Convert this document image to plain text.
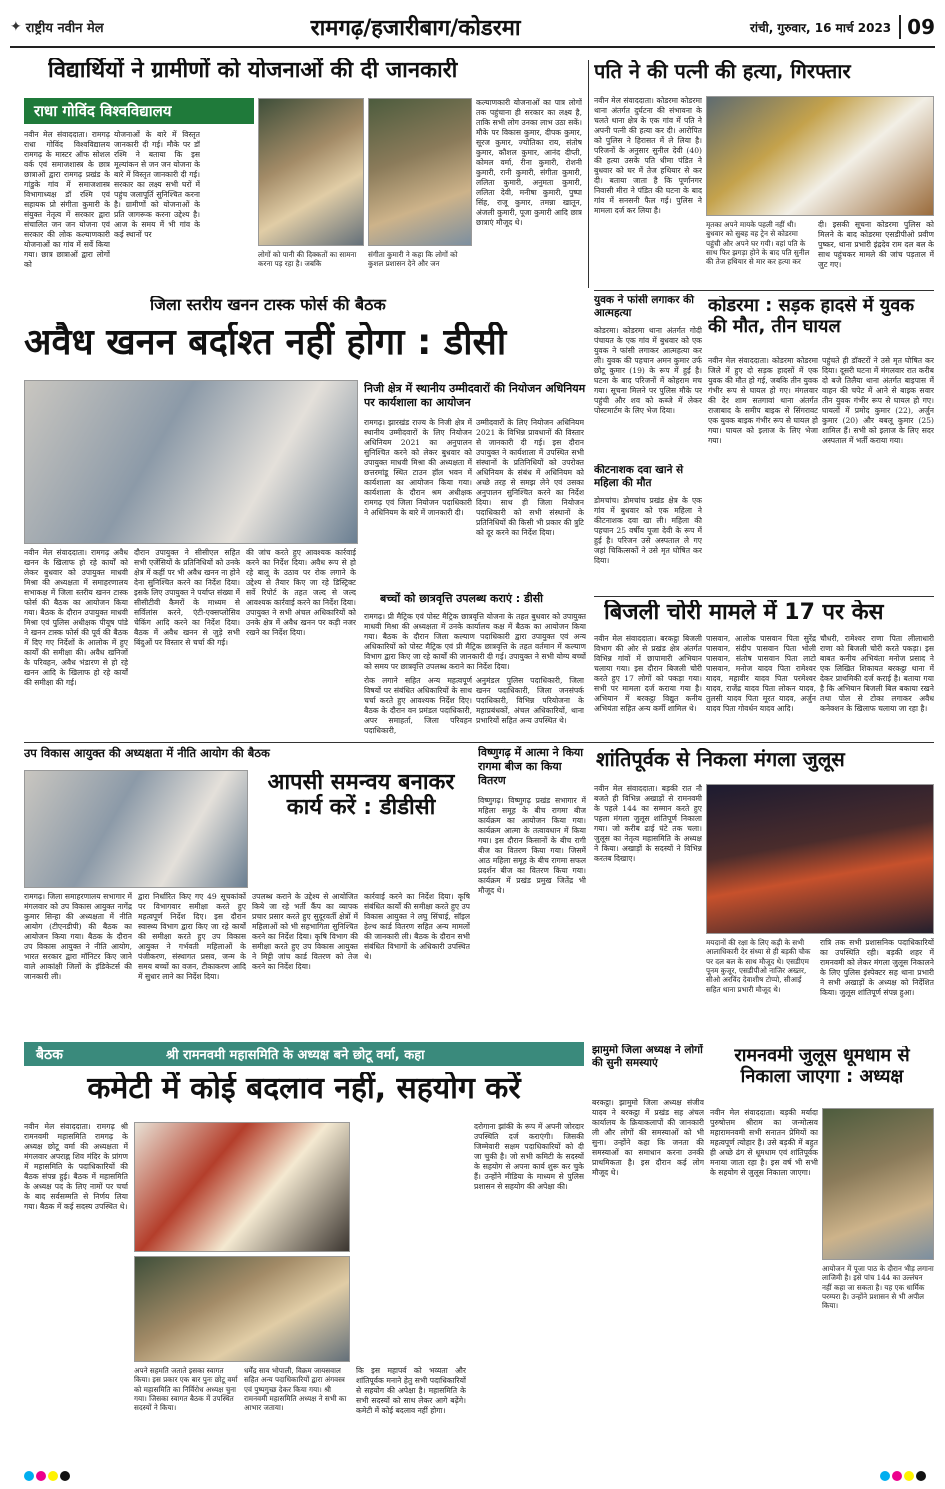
✦ राष्ट्रीय नवीन मेल	रामगढ़/हजारीबाग/कोडरमा	रांची, गुरुवार, 16 मार्च 2023 09
विद्यार्थियों ने ग्रामीणों को योजनाओं की दी जानकारी
राधा गोविंद विश्वविद्यालय
नवीन मेल संवाददाता। रामगढ़ राधा गोविंद विश्वविद्यालय रामगढ़ के मास्टर ऑफ सोशल वर्क एवं समाजशास्त्र के छात्र छात्राओं द्वारा रामगढ़ प्रखंड के गांडुके गांव में समाजशास्त्र विभागाध्यक्ष डॉ रश्मि एवं सहायक प्रो संगीता कुमारी के संयुक्त नेतृत्व में सरकार द्वारा संचालित जन जन योजना एवं सरकार की लोक कल्याणकारी योजनाओं का गांव में सर्वे किया गया। छात्र छात्राओं द्वारा लोगों को
योजनाओं के बारे में विस्तृत जानकारी दी गई। मौके पर डॉ रश्मि ने बताया कि इस मूल्यांकन से जन जन योजना के बारे में विस्तृत जानकारी दी गई। सरकार का लक्ष्य सभी घरों में पहुंच जलापूर्ति सुनिश्चित करना है। ग्रामीणों को योजनाओं के प्रति जागरूक करना उद्देश्य है। आज के समय में भी गांव के कई स्थानों पर
लोगों को पानी की दिक्कतों का सामना करना पड़ रहा है। जबकि
संगीता कुमारी ने कहा कि लोगों को कुशल प्रशासन देने और जन
कल्याणकारी योजनाओं का पात्र लोगों तक पहुंचाना ही सरकार का लक्ष्य है, ताकि सभी लोग उनका लाभ उठा सकें। मौके पर विकास कुमार, दीपक कुमार, सूरज कुमार, ज्योतिका राय, संतोष कुमार, कौशल कुमार, आनंद दीप्ती, कोमल वर्मा, रीना कुमारी, रोशनी कुमारी, रानी कुमारी, संगीता कुमारी, ललिता कुमारी, अनुमता कुमारी, ललिता देवी, मनीषा कुमारी, पुष्पा सिंह, राजू कुमार, तमन्ना खातून, अंजली कुमारी, पूजा कुमारी आदि छात्र छात्राएं मौजूद थे।
पति ने की पत्नी की हत्या, गिरफ्तार
नवीन मेल संवाददाता। कोडरमा कोडरमा थाना अंतर्गत दुर्घटना की संभावना के चलते थाना क्षेत्र के एक गांव में पति ने अपनी पत्नी की हत्या कर दी। आरोपित को पुलिस ने हिरासत में ले लिया है। परिजनों के अनुसार सुनील देवी (40) की हत्या उसके पति धीमा पंडित ने बुधवार को घर में तेज हथियार से कर दी। बताया जाता है कि पूर्णानगर निवासी मीरा ने पंडित की घटना के बाद गांव में सनसनी फैल गई। पुलिस ने मामला दर्ज कर लिया है।
मृतका अपने मायके पहली नहीं थी। बुधवार को सुबह वह ट्रेन से कोडरमा पहुंची और अपने घर गयी। वहां पति के साथ फिर झगड़ा होने के बाद पति सुनील की तेज हथियार से मार कर हत्या कर
दी। इसकी सूचना कोडरमा पुलिस को मिलने के बाद कोडरमा एसडीपीओ प्रवीण पुष्कर, थाना प्रभारी इंद्रदेव राम दल बल के साथ पहुंचकर मामले की जांच पड़ताल में जुट गए।
युवक ने फांसी लगाकर की आत्महत्या
कोडरमा। कोडरमा थाना अंतर्गत गोदी पंचायत के एक गांव में बुधवार को एक युवक ने फांसी लगाकर आत्महत्या कर ली। युवक की पहचान अमन कुमार उर्फ छोटू कुमार (19) के रूप में हुई है। घटना के बाद परिजनों में कोहराम मच गया। सूचना मिलने पर पुलिस मौके पर पहुंची और शव को कब्जे में लेकर पोस्टमार्टम के लिए भेज दिया।
कीटनाशक दवा खाने से महिला की मौत
डोमचांच। डोमचांच प्रखंड क्षेत्र के एक गांव में बुधवार को एक महिला ने कीटनाशक दवा खा ली। महिला की पहचान 25 वर्षीय पूजा देवी के रूप में हुई है। परिजन उसे अस्पताल ले गए जहां चिकित्सकों ने उसे मृत घोषित कर दिया।
कोडरमा : सड़क हादसे में युवक की मौत, तीन घायल
नवीन मेल संवाददाता। कोडरमा कोडरमा जिले में हुए दो सड़क हादसों में एक युवक की मौत हो गई, जबकि तीन युवक गंभीर रूप से घायल हो गए। मंगलवार की देर शाम सतगावां थाना अंतर्गत राजाबाद के समीप बाइक से सिंगरावट एक युवक बाइक गंभीर रूप से घायल हो गया। घायल को इलाज के लिए भेजा गया।
पहुंचते ही डॉक्टरों ने उसे मृत घोषित कर दिया। दूसरी घटना में मंगलवार रात करीब दो बजे तिलैया थाना अंतर्गत बाइपास में वाहन की चपेट में आने से बाइक सवार तीन युवक गंभीर रूप से घायल हो गए। घायलों में प्रमोद कुमार (22), अर्जुन कुमार (20) और बबलू कुमार (25) शामिल हैं। सभी को इलाज के लिए सदर अस्पताल में भर्ती कराया गया।
जिला स्तरीय खनन टास्क फोर्स की बैठक
अवैध खनन बर्दाश्त नहीं होगा : डीसी
नवीन मेल संवाददाता। रामगढ़ अवैध खनन के खिलाफ हो रहे कार्यों को लेकर बुधवार को उपायुक्त माधवी मिश्रा की अध्यक्षता में समाहरणालय सभाकक्ष में जिला स्तरीय खनन टास्क फोर्स की बैठक का आयोजन किया गया। बैठक के दौरान उपायुक्त माधवी मिश्रा एवं पुलिस अधीक्षक पीयूष पांडे ने खनन टास्क फोर्स की पूर्व की बैठक में दिए गए निर्देशों के आलोक में हुए कार्यों की समीक्षा की। अवैध खनिजों के परिवहन, अवैध भंडारण से हो रहे खनन आदि के खिलाफ हो रहे कार्यों की समीक्षा की गई।
दौरान उपायुक्त ने सीसीएल सहित सभी एजेंसियों के प्रतिनिधियों को उनके क्षेत्र में कहीं पर भी अवैध खनन ना होने देना सुनिश्चित करने का निर्देश दिया। इसके लिए उपायुक्त ने पर्याप्त संख्या में सीसीटीवी कैमरों के माध्यम से सर्विलांस करने, एंटी-एक्सप्लोसिव चेकिंग आदि करने का निर्देश दिया। बैठक में अवैध खनन से जुड़े सभी बिंदुओं पर विस्तार से चर्चा की गई।
की जांच करते हुए आवश्यक कार्रवाई करने का निर्देश दिया। अवैध रूप से हो रहे बालू के उठाव पर रोक लगाने के उद्देश्य से तैयार किए जा रहे डिस्ट्रिक्ट सर्वे रिपोर्ट के तहत जल्द से जल्द आवश्यक कार्रवाई करने का निर्देश दिया। उपायुक्त ने सभी अंचल अधिकारियों को उनके क्षेत्र में अवैध खनन पर कड़ी नजर रखने का निर्देश दिया।
निजी क्षेत्र में स्थानीय उम्मीदवारों की नियोजन अधिनियम पर कार्यशाला का आयोजन
रामगढ़। झारखंड राज्य के निजी क्षेत्र में स्थानीय उम्मीदवारों के लिए नियोजन अधिनियम 2021 का अनुपालन सुनिश्चित करने को लेकर बुधवार को उपायुक्त माधवी मिश्रा की अध्यक्षता में छत्तरमांडू स्थित टाउन हॉल भवन में कार्यशाला का आयोजन किया गया। कार्यशाला के दौरान श्रम अधीक्षक रामगढ़ एवं जिला नियोजन पदाधिकारी ने अधिनियम के बारे में जानकारी दी।
उम्मीदवारों के लिए नियोजन अधिनियम 2021 के विभिन्न प्रावधानों की विस्तार से जानकारी दी गई। इस दौरान उपायुक्त ने कार्यशाला में उपस्थित सभी संस्थानों के प्रतिनिधियों को उपरोक्त अधिनियम के संबंध में अधिनियम को अच्छे तरह से समझ लेने एवं उसका अनुपालन सुनिश्चित करने का निर्देश दिया। साथ ही जिला नियोजन पदाधिकारी को सभी संस्थानों के प्रतिनिधियों की किसी भी प्रकार की त्रुटि को दूर करने का निर्देश दिया।
बच्चों को छात्रवृत्ति उपलब्ध कराएं : डीसी
रामगढ़। प्री मैट्रिक एवं पोस्ट मैट्रिक छात्रवृत्ति योजना के तहत बुधवार को उपायुक्त माधवी मिश्रा की अध्यक्षता में उनके कार्यालय कक्ष में बैठक का आयोजन किया गया। बैठक के दौरान जिला कल्याण पदाधिकारी द्वारा उपायुक्त एवं अन्य अधिकारियों को पोस्ट मैट्रिक एवं प्री मैट्रिक छात्रवृत्ति के तहत वर्तमान में कल्याण विभाग द्वारा किए जा रहे कार्यों की जानकारी दी गई। उपायुक्त ने सभी योग्य बच्चों को समय पर छात्रवृत्ति उपलब्ध कराने का निर्देश दिया।
रोक लगाने सहित अन्य महत्वपूर्ण विषयों पर संबंधित अधिकारियों के साथ चर्चा करते हुए आवश्यक निर्देश दिए। बैठक के दौरान वन प्रमंडल पदाधिकारी, अपर समाहर्ता, जिला परिवहन पदाधिकारी,
अनुमंडल पुलिस पदाधिकारी, जिला खनन पदाधिकारी, जिला जनसंपर्क पदाधिकारी, विभिन्न परियोजना के महाप्रबंधकों, अंचल अधिकारियों, थाना प्रभारियों सहित अन्य उपस्थित थे।
बिजली चोरी मामले में 17 पर केस
नवीन मेल संवाददाता। बरकट्ठा बिजली विभाग की ओर से प्रखंड क्षेत्र अंतर्गत विभिन्न गांवों में छापामारी अभियान चलाया गया। इस दौरान बिजली चोरी करते हुए 17 लोगों को पकड़ा गया। सभी पर मामला दर्ज कराया गया है। अभियान में बरकट्ठा विद्युत कनीय अभियंता सहित अन्य कर्मी शामिल थे।
पासवान, आलोक पासवान पिता सुरेंद्र पासवान, संदीप पासवान पिता भोली पासवान, संतोष पासवान पिता लाटो पासवान, मनोज यादव पिता रामेश्वर यादव, महावीर यादव पिता परमेश्वर यादव, राजेंद्र यादव पिता लोकन यादव, तुलसी यादव पिता मूरत यादव, अर्जुन यादव पिता गोवर्धन यादव आदि।
चौधरी, रामेश्वर राणा पिता लीलाधारी राणा को बिजली चोरी करते पकड़ा। इस बाबत कनीय अभियंता मनोज प्रसाद ने एक लिखित शिकायत बरकट्ठा थाना में देकर प्राथमिकी दर्ज कराई है। बताया गया है कि अभियान बिजली बिल बकाया रखने तथा पोल से टोका लगाकर अवैध कनेक्शन के खिलाफ चलाया जा रहा है।
उप विकास आयुक्त की अध्यक्षता में नीति आयोग की बैठक
आपसी समन्वय बनाकर कार्य करें : डीडीसी
रामगढ़। जिला समाहरणालय सभागार में मंगलवार को उप विकास आयुक्त नागेंद्र कुमार सिन्हा की अध्यक्षता में नीति आयोग (टीएनडीपी) की बैठक का आयोजन किया गया। बैठक के दौरान उप विकास आयुक्त ने नीति आयोग, भारत सरकार द्वारा मॉनिटर किए जाने वाले आकांक्षी जिलों के इंडिकेटर्स की जानकारी ली।
द्वारा निर्धारित किए गए 49 सूचकांकों पर विभागवार समीक्षा करते हुए महत्वपूर्ण निर्देश दिए। इस दौरान स्वास्थ्य विभाग द्वारा किए जा रहे कार्यों की समीक्षा करते हुए उप विकास आयुक्त ने गर्भवती महिलाओं के पंजीकरण, संस्थागत प्रसव, जन्म के समय बच्चों का वजन, टीकाकरण आदि में सुधार लाने का निर्देश दिया।
उपलब्ध कराने के उद्देश्य से आयोजित किये जा रहे भर्ती कैंप का व्यापक प्रचार प्रसार करते हुए सुदूरवर्ती क्षेत्रों में महिलाओं को भी सहभागिता सुनिश्चित करने का निर्देश दिया। कृषि विभाग की समीक्षा करते हुए उप विकास आयुक्त ने मिट्टी जांच कार्ड वितरण को तेज करने का निर्देश दिया।
कार्रवाई करने का निर्देश दिया। कृषि संबंधित कार्यों की समीक्षा करते हुए उप विकास आयुक्त ने लघु सिंचाई, सॉइल हेल्थ कार्ड वितरण सहित अन्य मामलों की जानकारी ली। बैठक के दौरान सभी संबंधित विभागों के अधिकारी उपस्थित थे।
विष्णुगढ़ में आत्मा ने किया रागमा बीज का किया वितरण
विष्णुगढ़। विष्णुगढ़ प्रखंड सभागार में महिला समूह के बीच रागमा बीज कार्यक्रम का आयोजन किया गया। कार्यक्रम आत्मा के तत्वावधान में किया गया। इस दौरान किसानों के बीच रागी बीज का वितरण किया गया। जिसमें आठ महिला समूह के बीच रागमा सफल प्रदर्शन बीज का वितरण किया गया। कार्यक्रम में प्रखंड प्रमुख जितेंद्र भी मौजूद थे।
शांतिपूर्वक से निकला मंगला जुलूस
नवीन मेल संवाददाता। बड़की रात नौ बजते ही विभिन्न अखाड़ों से रामनवमी के पहले 144 का सम्मान करते हुए पहला मंगला जुलूस शांतिपूर्ण निकाला गया। जो करीब ढाई घंटे तक चला। जुलूस का नेतृत्व महासमिति के अध्यक्ष ने किया। अखाड़ों के सदस्यों ने विभिन्न करतब दिखाए।
मयदानों की रक्षा के लिए कड़ी के सभी आलाधिकारी देर संध्या से ही बड़की चौक पर दल बल के साथ मौजूद थे। एसडीएम पूनम कुजूर, एसडीपीओ नाजिर अख्तर, सीओ अरविंद देवाशीष टोप्पो, सीआई सहित थाना प्रभारी मौजूद थे।
रात्रि तक सभी प्रशासनिक पदाधिकारियों का उपस्थिति रही। बड़की शहर में रामनवमी को लेकर मंगला जुलूस निकालने के लिए पुलिस इंस्पेक्टर सह थाना प्रभारी ने सभी अखाड़ों के अध्यक्ष को निर्देशित किया। जुलूस शांतिपूर्ण संपन्न हुआ।
बैठक	श्री रामनवमी महासमिति के अध्यक्ष बने छोटू वर्मा, कहा
कमेटी में कोई बदलाव नहीं, सहयोग करें
नवीन मेल संवाददाता। रामगढ़ श्री रामनवमी महासमिति रामगढ़ के अध्यक्ष छोटू वर्मा की अध्यक्षता में मंगलवार अपराह्न शिव मंदिर के प्रांगण में महासमिति के पदाधिकारियों की बैठक संपन्न हुई। बैठक में महासमिति के अध्यक्ष पद के लिए नामों पर चर्चा के बाद सर्वसम्मति से निर्णय लिया गया। बैठक में कई सदस्य उपस्थित थे।
अपने सहमति जताते इसका स्वागत किया। इस प्रकार एक बार पुनः छोटू वर्मा को महासमिति का निर्विरोध अध्यक्ष चुना गया। जिसका स्वागत बैठक में उपस्थित सदस्यों ने किया।
धर्मेंद्र साव भोपाली, विक्रम जायसवाल सहित अन्य पदाधिकारियों द्वारा अंगवस्त्र एवं पुष्पगुच्छ देकर किया गया। श्री रामनवमी महासमिति अध्यक्ष ने सभी का आभार जताया।
कि इस महापर्व को भव्यता और शांतिपूर्वक मनाने हेतु सभी पदाधिकारियों से सहयोग की अपेक्षा है। महासमिति के सभी सदस्यों को साथ लेकर आगे बढ़ेंगे। कमेटी में कोई बदलाव नहीं होगा।
दरोगाना झांकी के रूप में अपनी जोरदार उपस्थिति दर्ज कराएंगी। जिसकी जिम्मेवारी सक्षम पदाधिकारियों को दी जा चुकी है। जो सभी कमिटी के सदस्यों के सहयोग से अपना कार्य शुरू कर चुके हैं। उन्होंने मीडिया के माध्यम से पुलिस प्रशासन से सहयोग की अपेक्षा की।
झामुमो जिला अध्यक्ष ने लोगों की सुनी समस्याएं
बरकट्ठा। झामुमो जिला अध्यक्ष संजीव यादव ने बरकट्ठा में प्रखंड सह अंचल कार्यालय के क्रियाकलापों की जानकारी ली और लोगों की समस्याओं को भी सुना। उन्होंने कहा कि जनता की समस्याओं का समाधान करना उनकी प्राथमिकता है। इस दौरान कई लोग मौजूद थे।
रामनवमी जुलूस धूमधाम से निकाला जाएगा : अध्यक्ष
नवीन मेल संवाददाता। बड़की मर्यादा पुरुषोत्तम श्रीराम का जन्मोत्सव महारामनवमी सभी सनातन प्रेमियों का महत्वपूर्ण त्योहार है। उसे बड़की में बहुत ही अच्छे ढंग से धूमधाम एवं शांतिपूर्वक मनाया जाता रहा है। इस वर्ष भी सभी के सहयोग से जुलूस निकाला जाएगा।
आयोजन में पूजा पाठ के दौरान भीड़ लगाना लाजिमी है। इसे पांच 144 का उल्लंघन नहीं कहा जा सकता है। यह एक धार्मिक परम्परा है। उन्होंने प्रशासन से भी अपील किया।
